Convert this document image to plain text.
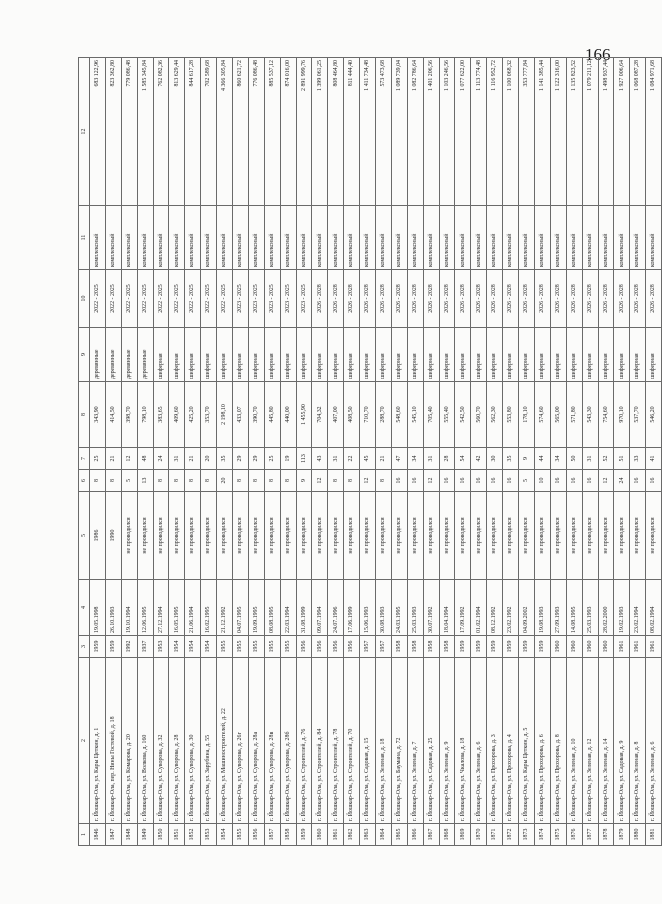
166
1	2	3	4	5	6	7	8	9	10	11	12
1846	г. Йошкар-Ола, ул. Кары Цеткин, д. 1	1959	19.05.1998	1986	8	25	343,90	деревянные	2022 - 2025	комплексный	683 122,96
1847	г. Йошкар-Ола, пер. Нины Гостевой, д. 18	1959	26.10.1993	1990	8	21	414,50	деревянные	2022 - 2025	комплексный	823 362,80
1848	г. Йошкар-Ола, ул. Комарова, д. 20	1992	19.10.1994	не проводился	5	12	398,70	деревянные	2022 - 2025	комплексный	779 086,48
1849	г. Йошкар-Ола, ул. Волкова, д. 160	1937	12.06.1995	не проводился	13	48	798,10	деревянные	2022 - 2025	комплексный	1 585 345,84
1850	г. Йошкар-Ола, ул. Суворова, д. 32	1953	27.12.1994	не проводился	8	24	383,65	шиферная	2022 - 2025	комплексный	762 082,36
1851	г. Йошкар-Ола, ул. Суворова, д. 28	1954	16.05.1995	не проводился	8	31	409,60	шиферная	2022 - 2025	комплексный	813 629,44
1852	г. Йошкар-Ола, ул. Суворова, д. 30	1954	21.06.1994	не проводился	8	21	425,20	шиферная	2022 - 2025	комплексный	844 617,28
1853	г. Йошкар-Ола, ул. Зарубина, д. 55	1954	16.02.1995	не проводился	8	20	353,70	шиферная	2022 - 2025	комплексный	702 589,68
1854	г. Йошкар-Ола, ул. Машиностроителей, д. 22	1955	21.12.1992	не проводился	20	35	2 198,10	шиферная	2022 - 2025	комплексный	4 366 305,84
1855	г. Йошкар-Ола, ул. Суворова, д. 26г	1955	04.07.1995	не проводился	8	29	433,07	шиферная	2023 - 2025	комплексный	860 621,72
1856	г. Йошкар-Ола, ул. Суворова, д. 28а	1955	19.09.1995	не проводился	8	29	390,70	шиферная	2023 - 2025	комплексный	776 086,48
1857	г. Йошкар-Ола, ул. Суворова, д. 28в	1955	08.08.1995	не проводился	8	25	445,80	шиферная	2023 - 2025	комплексный	885 537,12
1858	г. Йошкар-Ола, ул. Суворова, д. 28б	1955	22.03.1994	не проводился	8	19	440,00	шиферная	2023 - 2025	комплексный	874 016,00
1859	г. Йошкар-Ола, ул. Строителей, д. 76	1956	31.08.1999	не проводился	9	113	1 455,90	шиферная	2023 - 2025	комплексный	2 891 999,76
1860	г. Йошкар-Ола, ул. Строителей, д. 84	1956	09.07.1994	не проводился	12	43	704,32	шиферная	2026 - 2028	комплексный	1 399 061,25
1861	г. Йошкар-Ола, ул. Строителей, д. 78	1956	24.07.1996	не проводился	8	31	407,00	шиферная	2026 - 2028	комплексный	808 464,80
1862	г. Йошкар-Ола, ул. Строителей, д. 70	1956	17.06.1999	не проводился	8	22	408,50	шиферная	2026 - 2028	комплексный	811 444,40
1863	г. Йошкар-Ола, ул. Садовая, д. 15	1957	15.06.1993	не проводился	12	45	710,70	шиферная	2026 - 2028	комплексный	1 411 734,48
1864	г. Йошкар-Ола, ул. Зеленая, д. 18	1957	30.08.1993	не проводился	8	21	288,70	шиферная	2026 - 2028	комплексный	573 473,68
1865	г. Йошкар-Ола, ул. Баумана, д. 72	1958	24.03.1995	не проводился	16	47	548,60	шиферная	2026 - 2028	комплексный	1 089 739,04
1866	г. Йошкар-Ола, ул. Зеленая, д. 7	1958	25.03.1993	не проводился	16	34	545,10	шиферная	2026 - 2028	комплексный	1 082 786,64
1867	г. Йошкар-Ола, ул. Садовая, д. 25	1958	30.07.1992	не проводился	12	31	705,40	шиферная	2026 - 2028	комплексный	1 401 206,56
1868	г. Йошкар-Ола, ул. Зеленая, д. 9	1958	18.04.1994	не проводился	16	28	555,40	шиферная	2026 - 2028	комплексный	1 103 246,56
1869	г. Йошкар-Ола, ул. Чкалова, д. 18	1959	17.09.1992	не проводился	16	54	542,50	шиферная	2026 - 2028	комплексный	1 077 622,00
1870	г. Йошкар-Ола, ул. Зеленая, д. 6	1959	01.02.1994	не проводился	16	42	560,70	шиферная	2026 - 2028	комплексный	1 113 774,48
1871	г. Йошкар-Ола, ул. Прохорова, д. 3	1959	08.12.1992	не проводился	16	30	562,30	шиферная	2026 - 2028	комплексный	1 116 952,72
1872	г. Йошкар-Ола, ул. Прохорова, д. 4	1959	23.02.1992	не проводился	16	35	553,80	шиферная	2026 - 2028	комплексный	1 100 068,32
1873	г. Йошкар-Ола, ул. Кары Цеткин, д. 5	1959	04.09.2002	не проводился	5	9	178,10	шиферная	2026 - 2028	комплексный	353 777,84
1874	г. Йошкар-Ола, ул. Прохорова, д. 6	1959	19.08.1993	не проводился	10	44	574,60	шиферная	2026 - 2028	комплексный	1 141 385,44
1875	г. Йошкар-Ола, ул. Прохорова, д. 8	1960	27.09.1993	не проводился	16	34	565,00	шиферная	2026 - 2028	комплексный	1 122 316,00
1876	г. Йошкар-Ола, ул. Зеленая, д. 10	1960	14.08.1995	не проводился	16	50	571,80	шиферная	2026 - 2028	комплексный	1 135 823,52
1877	г. Йошкар-Ола, ул. Зеленая, д. 12	1960	25.03.1993	не проводился	16	31	543,30	шиферная	2026 - 2028	комплексный	1 079 211,12
1878	г. Йошкар-Ола, ул. Зеленая, д. 14	1960	28.02.2000	не проводился	12	52	754,60	шиферная	2026 - 2028	комплексный	1 498 937,44
1879	г. Йошкар-Ола, ул. Садовая, д. 9	1961	19.02.1993	не проводился	24	51	970,10	шиферная	2026 - 2028	комплексный	1 927 006,64
1880	г. Йошкар-Ола, ул. Зеленая, д. 8	1961	23.02.1994	не проводился	16	33	537,70	шиферная	2026 - 2028	комплексный	1 068 087,28
1881	г. Йошкар-Ола, ул. Зеленая, д. 6	1961	08.02.1994	не проводился	16	41	546,20	шиферная	2026 - 2028	комплексный	1 084 971,68
